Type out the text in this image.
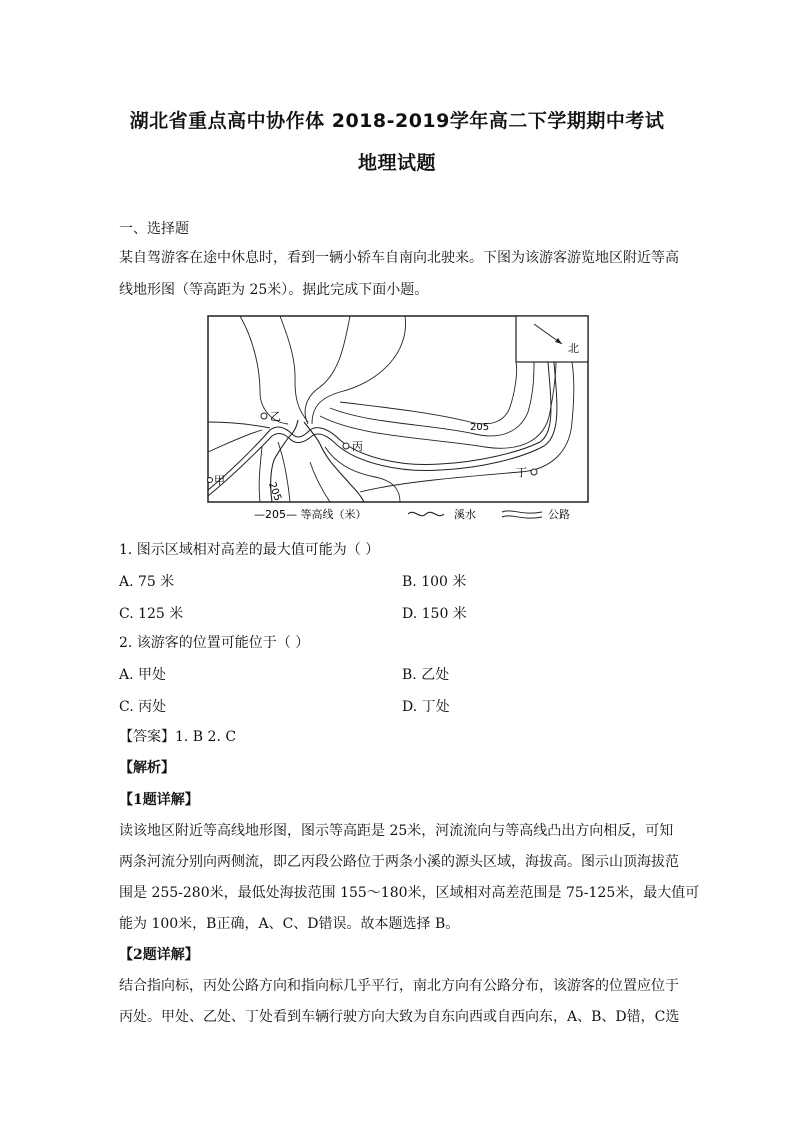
湖北省重点高中协作体 2018-2019学年高二下学期期中考试
地理试题
一、选择题
某自驾游客在途中休息时，看到一辆小轿车自南向北驶来。下图为该游客游览地区附近等高
线地形图（等高距为 25米）。据此完成下面小题。
北
乙
丙
丁
甲
205
205
—205— 等高线（米）	溪水	公路
1. 图示区域相对高差的最大值可能为（ ）
A. 75 米	B. 100 米
C. 125 米	D. 150 米
2. 该游客的位置可能位于（ ）
A. 甲处	B. 乙处
C. 丙处	D. 丁处
【答案】1. B 2. C
【解析】
【1题详解】
读该地区附近等高线地形图，图示等高距是 25米，河流流向与等高线凸出方向相反，可知
两条河流分别向两侧流，即乙丙段公路位于两条小溪的源头区域，海拔高。图示山顶海拔范
围是 255-280米，最低处海拔范围 155～180米，区域相对高差范围是 75-125米，最大值可
能为 100米，B正确，A、C、D错误。故本题选择 B。
【2题详解】
结合指向标，丙处公路方向和指向标几乎平行，南北方向有公路分布，该游客的位置应位于
丙处。甲处、乙处、丁处看到车辆行驶方向大致为自东向西或自西向东，A、B、D错，C选
